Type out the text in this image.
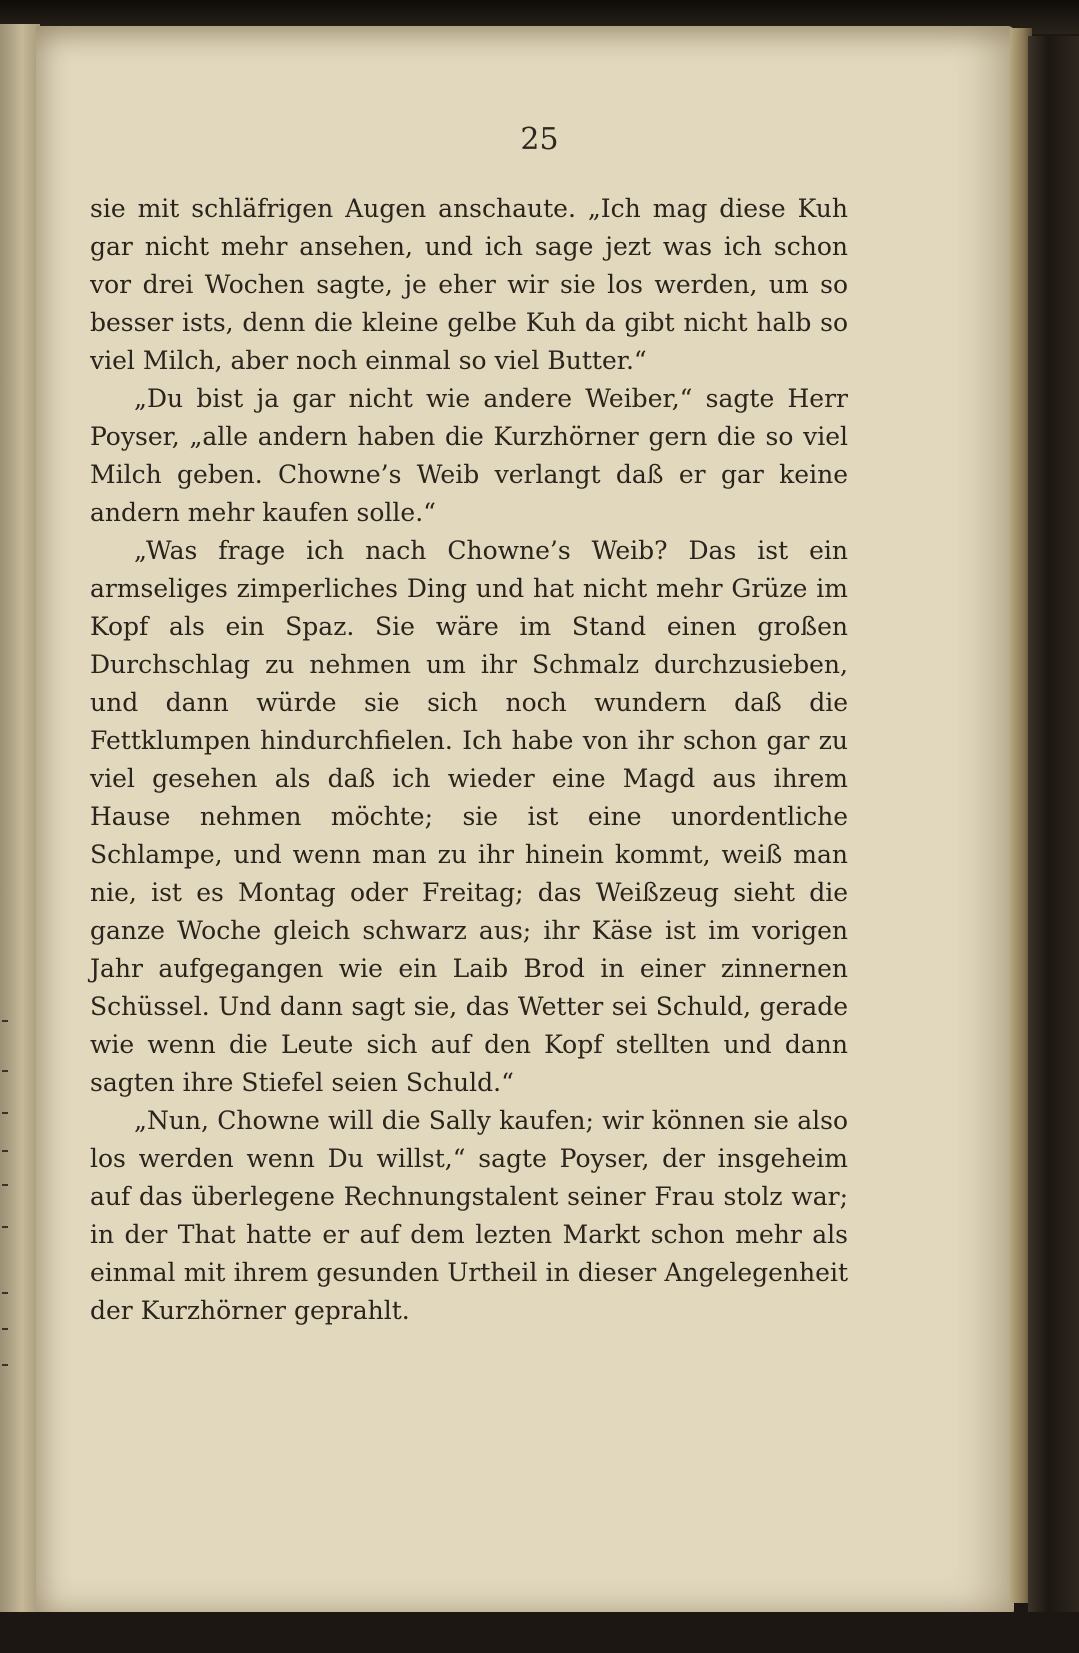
25

sie mit schläfrigen Augen anschaute. „Ich mag diese Kuh gar nicht mehr ansehen, und ich sage jezt was ich schon vor drei Wochen sagte, je eher wir sie los werden, um so besser ists, denn die kleine gelbe Kuh da gibt nicht halb so viel Milch, aber noch einmal so viel Butter.“

„Du bist ja gar nicht wie andere Weiber,“ sagte Herr Poyser, „alle andern haben die Kurzhörner gern die so viel Milch geben. Chowne’s Weib verlangt daß er gar keine andern mehr kaufen solle.“

„Was frage ich nach Chowne’s Weib? Das ist ein armseliges zimperliches Ding und hat nicht mehr Grüze im Kopf als ein Spaz. Sie wäre im Stand einen großen Durchschlag zu nehmen um ihr Schmalz durchzusieben, und dann würde sie sich noch wundern daß die Fettklumpen hindurchfielen. Ich habe von ihr schon gar zu viel gesehen als daß ich wieder eine Magd aus ihrem Hause nehmen möchte; sie ist eine unordentliche Schlampe, und wenn man zu ihr hinein kommt, weiß man nie, ist es Montag oder Freitag; das Weißzeug sieht die ganze Woche gleich schwarz aus; ihr Käse ist im vorigen Jahr aufgegangen wie ein Laib Brod in einer zinnernen Schüssel. Und dann sagt sie, das Wetter sei Schuld, gerade wie wenn die Leute sich auf den Kopf stellten und dann sagten ihre Stiefel seien Schuld.“

„Nun, Chowne will die Sally kaufen; wir können sie also los werden wenn Du willst,“ sagte Poyser, der insgeheim auf das überlegene Rechnungstalent seiner Frau stolz war; in der That hatte er auf dem lezten Markt schon mehr als einmal mit ihrem gesunden Urtheil in dieser Angelegenheit der Kurzhörner geprahlt.
